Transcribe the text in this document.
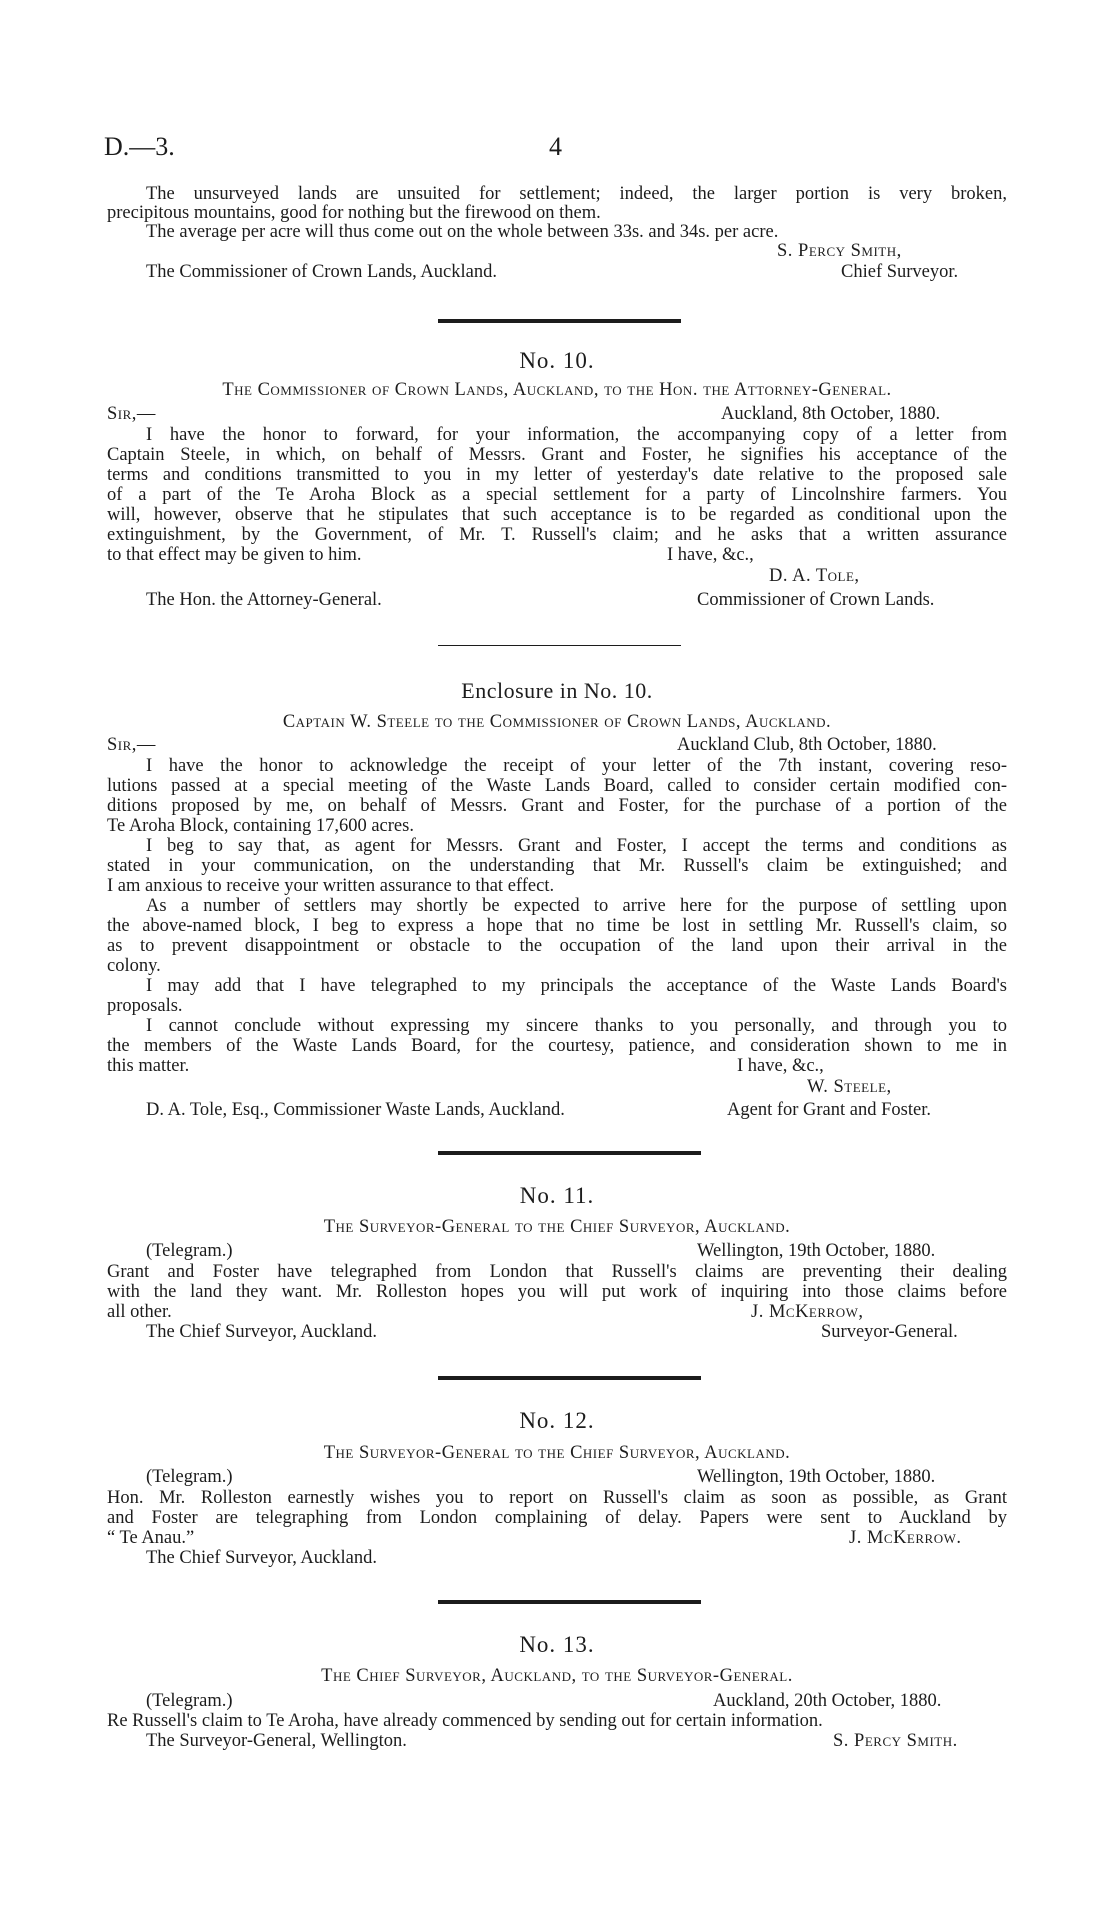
D.—3.	4
The unsurveyed lands are unsuited for settlement; indeed, the larger portion is very broken,
precipitous mountains, good for nothing but the firewood on them.
The average per acre will thus come out on the whole between 33s. and 34s. per acre.
S. Percy Smith,
The Commissioner of Crown Lands, Auckland.	Chief Surveyor.
No. 10.
The Commissioner of Crown Lands, Auckland, to the Hon. the Attorney-General.
Sir,—	Auckland, 8th October, 1880.
I have the honor to forward, for your information, the accompanying copy of a letter from
Captain Steele, in which, on behalf of Messrs. Grant and Foster, he signifies his acceptance of the
terms and conditions transmitted to you in my letter of yesterday's date relative to the proposed sale
of a part of the Te Aroha Block as a special settlement for a party of Lincolnshire farmers. You
will, however, observe that he stipulates that such acceptance is to be regarded as conditional upon the
extinguishment, by the Government, of Mr. T. Russell's claim; and he asks that a written assurance
to that effect may be given to him.	I have, &c.,
D. A. Tole,
The Hon. the Attorney-General.	Commissioner of Crown Lands.
Enclosure in No. 10.
Captain W. Steele to the Commissioner of Crown Lands, Auckland.
Sir,—	Auckland Club, 8th October, 1880.
I have the honor to acknowledge the receipt of your letter of the 7th instant, covering reso-
lutions passed at a special meeting of the Waste Lands Board, called to consider certain modified con-
ditions proposed by me, on behalf of Messrs. Grant and Foster, for the purchase of a portion of the
Te Aroha Block, containing 17,600 acres.
I beg to say that, as agent for Messrs. Grant and Foster, I accept the terms and conditions as
stated in your communication, on the understanding that Mr. Russell's claim be extinguished; and
I am anxious to receive your written assurance to that effect.
As a number of settlers may shortly be expected to arrive here for the purpose of settling upon
the above-named block, I beg to express a hope that no time be lost in settling Mr. Russell's claim, so
as to prevent disappointment or obstacle to the occupation of the land upon their arrival in the
colony.
I may add that I have telegraphed to my principals the acceptance of the Waste Lands Board's
proposals.
I cannot conclude without expressing my sincere thanks to you personally, and through you to
the members of the Waste Lands Board, for the courtesy, patience, and consideration shown to me in
this matter.	I have, &c.,
W. Steele,
D. A. Tole, Esq., Commissioner Waste Lands, Auckland.	Agent for Grant and Foster.
No. 11.
The Surveyor-General to the Chief Surveyor, Auckland.
(Telegram.)	Wellington, 19th October, 1880.
Grant and Foster have telegraphed from London that Russell's claims are preventing their dealing
with the land they want. Mr. Rolleston hopes you will put work of inquiring into those claims before
all other.	J. McKerrow,
The Chief Surveyor, Auckland.	Surveyor-General.
No. 12.
The Surveyor-General to the Chief Surveyor, Auckland.
(Telegram.)	Wellington, 19th October, 1880.
Hon. Mr. Rolleston earnestly wishes you to report on Russell's claim as soon as possible, as Grant
and Foster are telegraphing from London complaining of delay. Papers were sent to Auckland by
“ Te Anau.”	J. McKerrow.
The Chief Surveyor, Auckland.
No. 13.
The Chief Surveyor, Auckland, to the Surveyor-General.
(Telegram.)	Auckland, 20th October, 1880.
Re Russell's claim to Te Aroha, have already commenced by sending out for certain information.
The Surveyor-General, Wellington.	S. Percy Smith.
